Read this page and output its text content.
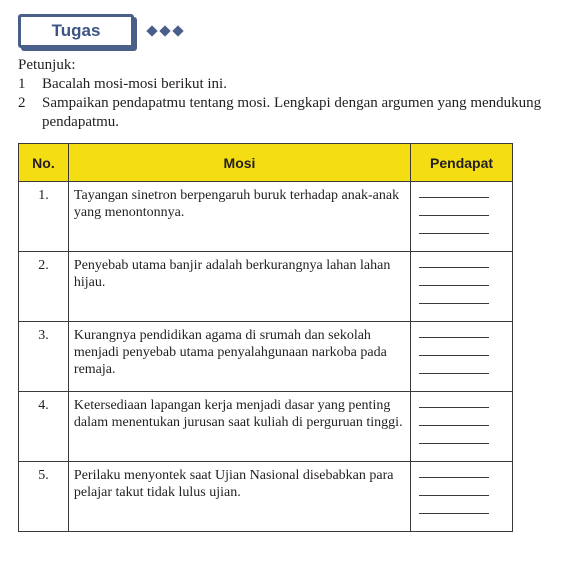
Tugas
Petunjuk:
1	Bacalah mosi-mosi berikut ini.
2	Sampaikan pendapatmu tentang mosi. Lengkapi dengan argumen yang mendukung pendapatmu.
No.	Mosi	Pendapat
1.	Tayangan sinetron berpengaruh buruk terhadap anak-anak yang menontonnya.	

2.	Penyebab utama banjir adalah berkurangnya lahan lahan hijau.	

3.	Kurangnya pendidikan agama di srumah dan sekolah menjadi penyebab utama penyalahgunaan narkoba pada remaja.	

4.	Ketersediaan lapangan kerja menjadi dasar yang penting dalam menentukan jurusan saat kuliah di perguruan tinggi.	

5.	Perilaku menyontek saat Ujian Nasional disebabkan para pelajar takut tidak lulus ujian.	
